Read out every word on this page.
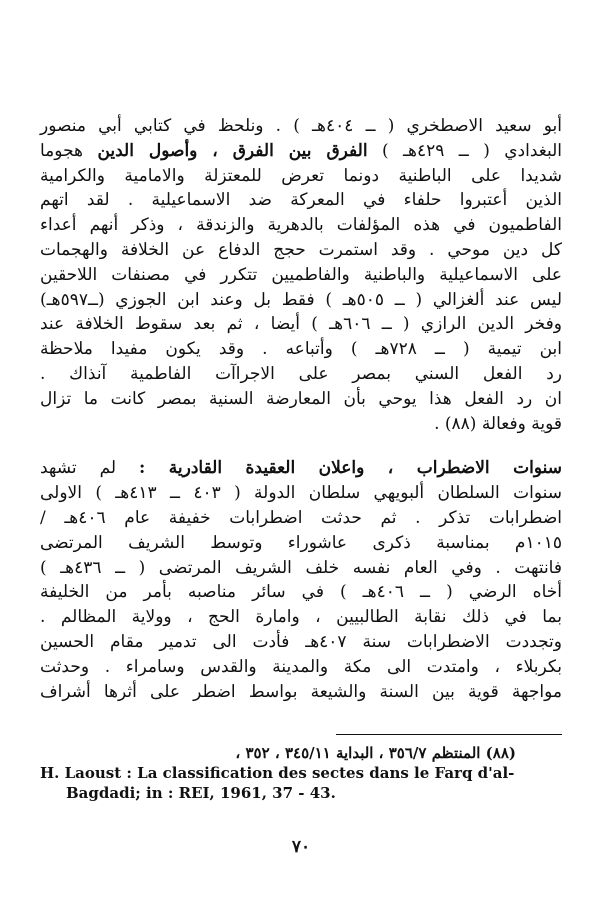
أبو سعيد الاصطخري ( ــ ٤٠٤هـ ) . ونلحظ في كتابي أبي منصور
البغدادي ( ــ ٤٢٩هـ ) الفرق بين الفرق ، وأصول الدين هجوما
شديدا على الباطنية دونما تعرض للمعتزلة والامامية والكرامية
الذين أعتبروا حلفاء في المعركة ضد الاسماعيلية . لقد اتهم
الفاطميون في هذه المؤلفات بالدهرية والزندقة ، وذكر أنهم أعداء
كل دين موحي . وقد استمرت حجج الدفاع عن الخلافة والهجمات
على الاسماعيلية والباطنية والفاطميين تتكرر في مصنفات اللاحقين
ليس عند ألغزالي ( ــ ٥٠٥هـ ) فقط بل وعند ابن الجوزي (ــ٥٩٧هـ)
وفخر الدين الرازي ( ــ ٦٠٦هـ ) أيضا ، ثم بعد سقوط الخلافة عند
ابن تيمية ( ــ ٧٢٨هـ ) وأتباعه . وقد يكون مفيدا ملاحظة
رد الفعل السني بمصر على الاجراآت الفاطمية آنذاك .
ان رد الفعل هذا يوحي بأن المعارضة السنية بمصر كانت ما تزال
قوية وفعالة (٨٨) .
سنوات الاضطراب ، واعلان العقيدة القادرية : لم تشهد
سنوات السلطان ألبويهي سلطان الدولة ( ٤٠٣ ــ ٤١٣هـ ) الاولى
اضطرابات تذكر . ثم حدثت اضطرابات خفيفة عام ٤٠٦هـ /
١٠١٥م بمناسبة ذكرى عاشوراء وتوسط الشريف المرتضى
فانتهت . وفي العام نفسه خلف الشريف المرتضى ( ــ ٤٣٦هـ )
أخاه الرضي ( ــ ٤٠٦هـ ) في سائر مناصبه بأمر من الخليفة
بما في ذلك نقابة الطالبيين ، وامارة الحج ، وولاية المظالم .
وتجددت الاضطرابات سنة ٤٠٧هـ فأدت الى تدمير مقام الحسين
بكربلاء ، وامتدت الى مكة والمدينة والقدس وسامراء . وحدثت
مواجهة قوية بين السنة والشيعة بواسط اضطر على أثرها أشراف
(٨٨) المنتظم ٣٥٦/٧ ، البداية ٣٤٥/١١ ، ٣٥٢ ،
H. Laoust : La classification des sectes dans le Farq d'al-
Bagdadi; in : REI, 1961, 37 - 43.
٧٠
